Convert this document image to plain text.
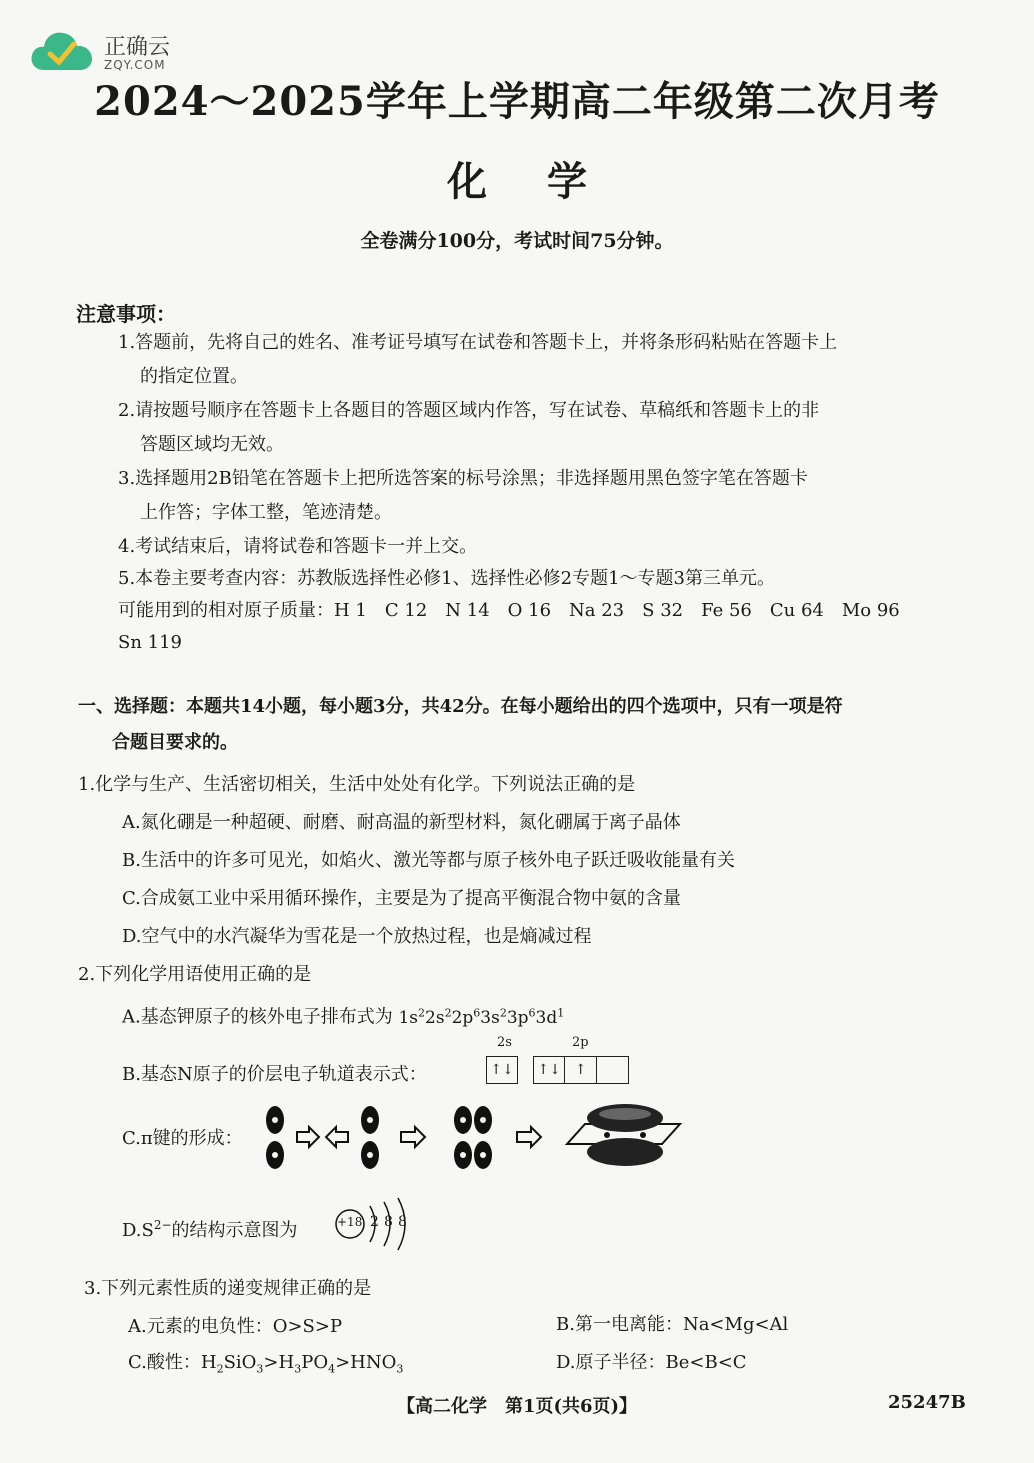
正确云
ZQY.COM
2024～2025学年上学期高二年级第二次月考
化学
全卷满分100分，考试时间75分钟。
注意事项：
1.答题前，先将自己的姓名、准考证号填写在试卷和答题卡上，并将条形码粘贴在答题卡上
的指定位置。
2.请按题号顺序在答题卡上各题目的答题区域内作答，写在试卷、草稿纸和答题卡上的非
答题区域均无效。
3.选择题用2B铅笔在答题卡上把所选答案的标号涂黑；非选择题用黑色签字笔在答题卡
上作答；字体工整，笔迹清楚。
4.考试结束后，请将试卷和答题卡一并上交。
5.本卷主要考查内容：苏教版选择性必修1、选择性必修2专题1～专题3第三单元。
可能用到的相对原子质量：H 1　C 12　N 14　O 16　Na 23　S 32　Fe 56　Cu 64　Mo 96
Sn 119
一、选择题：本题共14小题，每小题3分，共42分。在每小题给出的四个选项中，只有一项是符
合题目要求的。
1.化学与生产、生活密切相关，生活中处处有化学。下列说法正确的是
A.氮化硼是一种超硬、耐磨、耐高温的新型材料，氮化硼属于离子晶体
B.生活中的许多可见光，如焰火、激光等都与原子核外电子跃迁吸收能量有关
C.合成氨工业中采用循环操作，主要是为了提高平衡混合物中氨的含量
D.空气中的水汽凝华为雪花是一个放热过程，也是熵减过程
2.下列化学用语使用正确的是
A.基态钾原子的核外电子排布式为 $1s^22s^22p^63s^23p^63d^1$
B.基态N原子的价层电子轨道表示式：
2s	2p
↑↓ ↑↓ ↑
C.π键的形成：
$D.S^{2-}$的结构示意图为	+18 2 8 8
3.下列元素性质的递变规律正确的是
A.元素的电负性：O>S>P	B.第一电离能：Na<Mg<Al
C.酸性：$H_2SiO_3>H_3PO_4>HNO_3$	D.原子半径：Be<B<C
【高二化学　第1页(共6页)】	25247B
